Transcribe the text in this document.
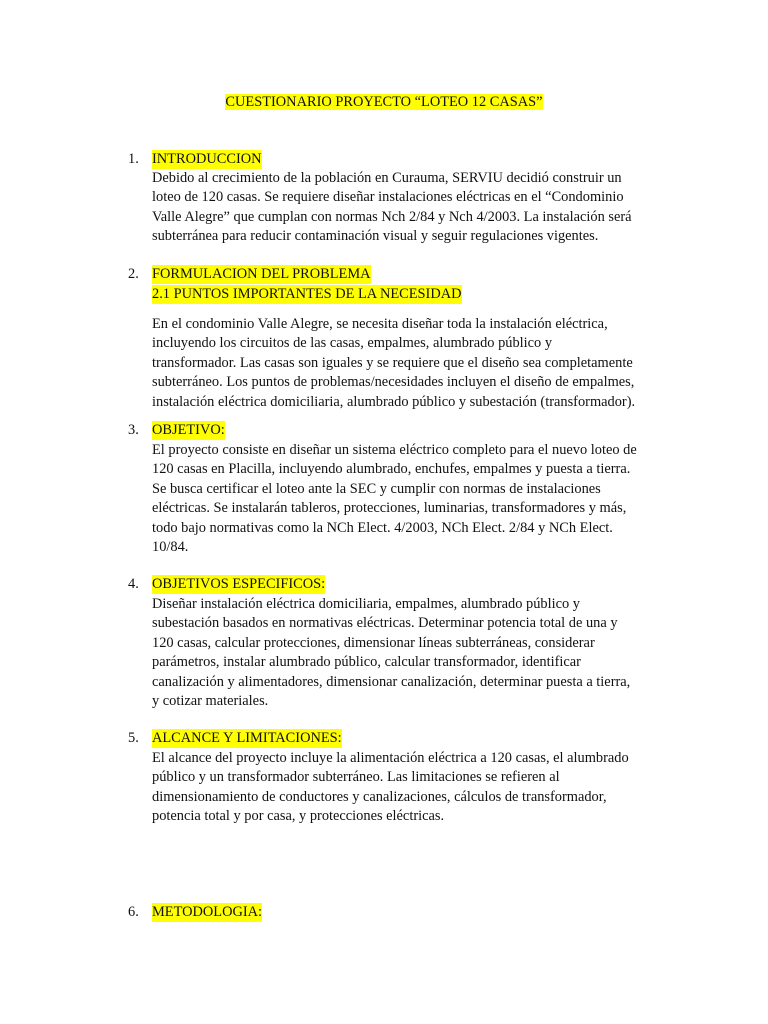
CUESTIONARIO PROYECTO “LOTEO 12 CASAS”
1. INTRODUCCION
Debido al crecimiento de la población en Curauma, SERVIU decidió construir un
loteo de 120 casas. Se requiere diseñar instalaciones eléctricas en el “Condominio
Valle Alegre” que cumplan con normas Nch 2/84 y Nch 4/2003. La instalación será
subterránea para reducir contaminación visual y seguir regulaciones vigentes.
2. FORMULACION DEL PROBLEMA
2.1 PUNTOS IMPORTANTES DE LA NECESIDAD
En el condominio Valle Alegre, se necesita diseñar toda la instalación eléctrica,
incluyendo los circuitos de las casas, empalmes, alumbrado público y
transformador. Las casas son iguales y se requiere que el diseño sea completamente
subterráneo. Los puntos de problemas/necesidades incluyen el diseño de empalmes,
instalación eléctrica domiciliaria, alumbrado público y subestación (transformador).
3. OBJETIVO:
El proyecto consiste en diseñar un sistema eléctrico completo para el nuevo loteo de
120 casas en Placilla, incluyendo alumbrado, enchufes, empalmes y puesta a tierra.
Se busca certificar el loteo ante la SEC y cumplir con normas de instalaciones
eléctricas. Se instalarán tableros, protecciones, luminarias, transformadores y más,
todo bajo normativas como la NCh Elect. 4/2003, NCh Elect. 2/84 y NCh Elect.
10/84.
4. OBJETIVOS ESPECIFICOS:
Diseñar instalación eléctrica domiciliaria, empalmes, alumbrado público y
subestación basados en normativas eléctricas. Determinar potencia total de una y
120 casas, calcular protecciones, dimensionar líneas subterráneas, considerar
parámetros, instalar alumbrado público, calcular transformador, identificar
canalización y alimentadores, dimensionar canalización, determinar puesta a tierra,
y cotizar materiales.
5. ALCANCE Y LIMITACIONES:
El alcance del proyecto incluye la alimentación eléctrica a 120 casas, el alumbrado
público y un transformador subterráneo. Las limitaciones se refieren al
dimensionamiento de conductores y canalizaciones, cálculos de transformador,
potencia total y por casa, y protecciones eléctricas.
6. METODOLOGIA:
